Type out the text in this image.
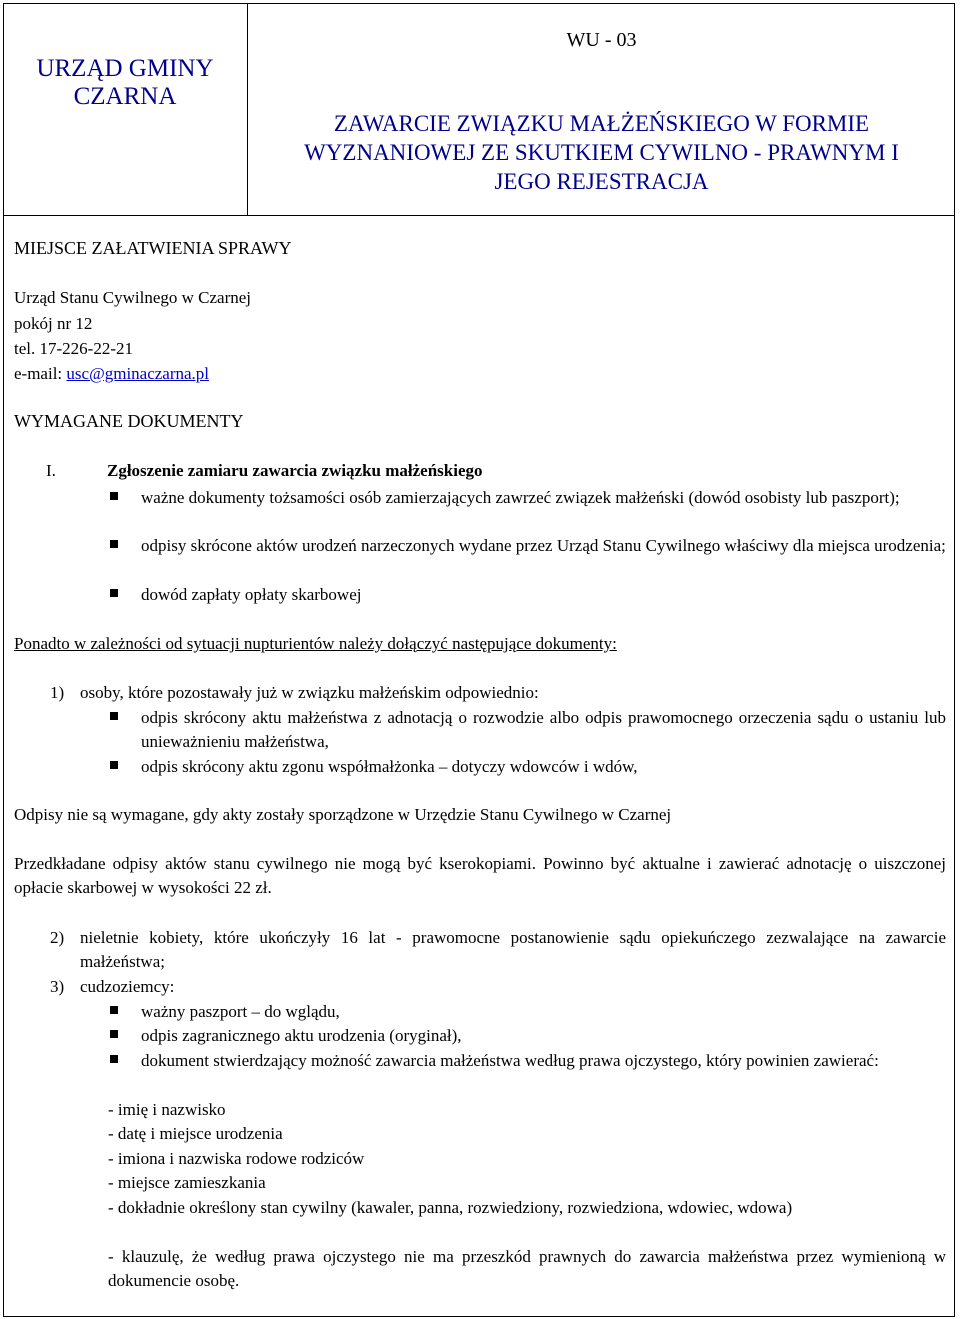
URZĄD GMINY
CZARNA
WU - 03
ZAWARCIE ZWIĄZKU MAŁŻEŃSKIEGO W FORMIE
WYZNANIOWEJ ZE SKUTKIEM CYWILNO - PRAWNYM I
JEGO REJESTRACJA
MIEJSCE ZAŁATWIENIA SPRAWY
Urząd Stanu Cywilnego w Czarnej
pokój nr 12
tel. 17-226-22-21
e-mail: usc@gminaczarna.pl
WYMAGANE DOKUMENTY
I.	Zgłoszenie zamiaru zawarcia związku małżeńskiego
ważne dokumenty tożsamości osób zamierzających zawrzeć związek małżeński (dowód osobisty lub paszport);
odpisy skrócone aktów urodzeń narzeczonych wydane przez Urząd Stanu Cywilnego właściwy dla miejsca urodzenia;
dowód zapłaty opłaty skarbowej
Ponadto w zależności od sytuacji nupturientów należy dołączyć następujące dokumenty:
1) osoby, które pozostawały już w związku małżeńskim odpowiednio:
odpis skrócony aktu małżeństwa z adnotacją o rozwodzie albo odpis prawomocnego orzeczenia sądu o ustaniu lub unieważnieniu małżeństwa,
odpis skrócony aktu zgonu współmałżonka – dotyczy wdowców i wdów,
Odpisy nie są wymagane, gdy akty zostały sporządzone w Urzędzie Stanu Cywilnego w Czarnej
Przedkładane odpisy aktów stanu cywilnego nie mogą być kserokopiami. Powinno być aktualne i zawierać adnotację o uiszczonej opłacie skarbowej w wysokości 22 zł.
2) nieletnie kobiety, które ukończyły 16 lat - prawomocne postanowienie sądu opiekuńczego zezwalające na zawarcie małżeństwa;
3) cudzoziemcy:
ważny paszport – do wglądu,
odpis zagranicznego aktu urodzenia (oryginał),
dokument stwierdzający możność zawarcia małżeństwa według prawa ojczystego, który powinien zawierać:
- imię i nazwisko
- datę i miejsce urodzenia
- imiona i nazwiska rodowe rodziców
- miejsce zamieszkania
- dokładnie określony stan cywilny (kawaler, panna, rozwiedziony, rozwiedziona, wdowiec, wdowa)
- klauzulę, że według prawa ojczystego nie ma przeszkód prawnych do zawarcia małżeństwa przez wymienioną w dokumencie osobę.
